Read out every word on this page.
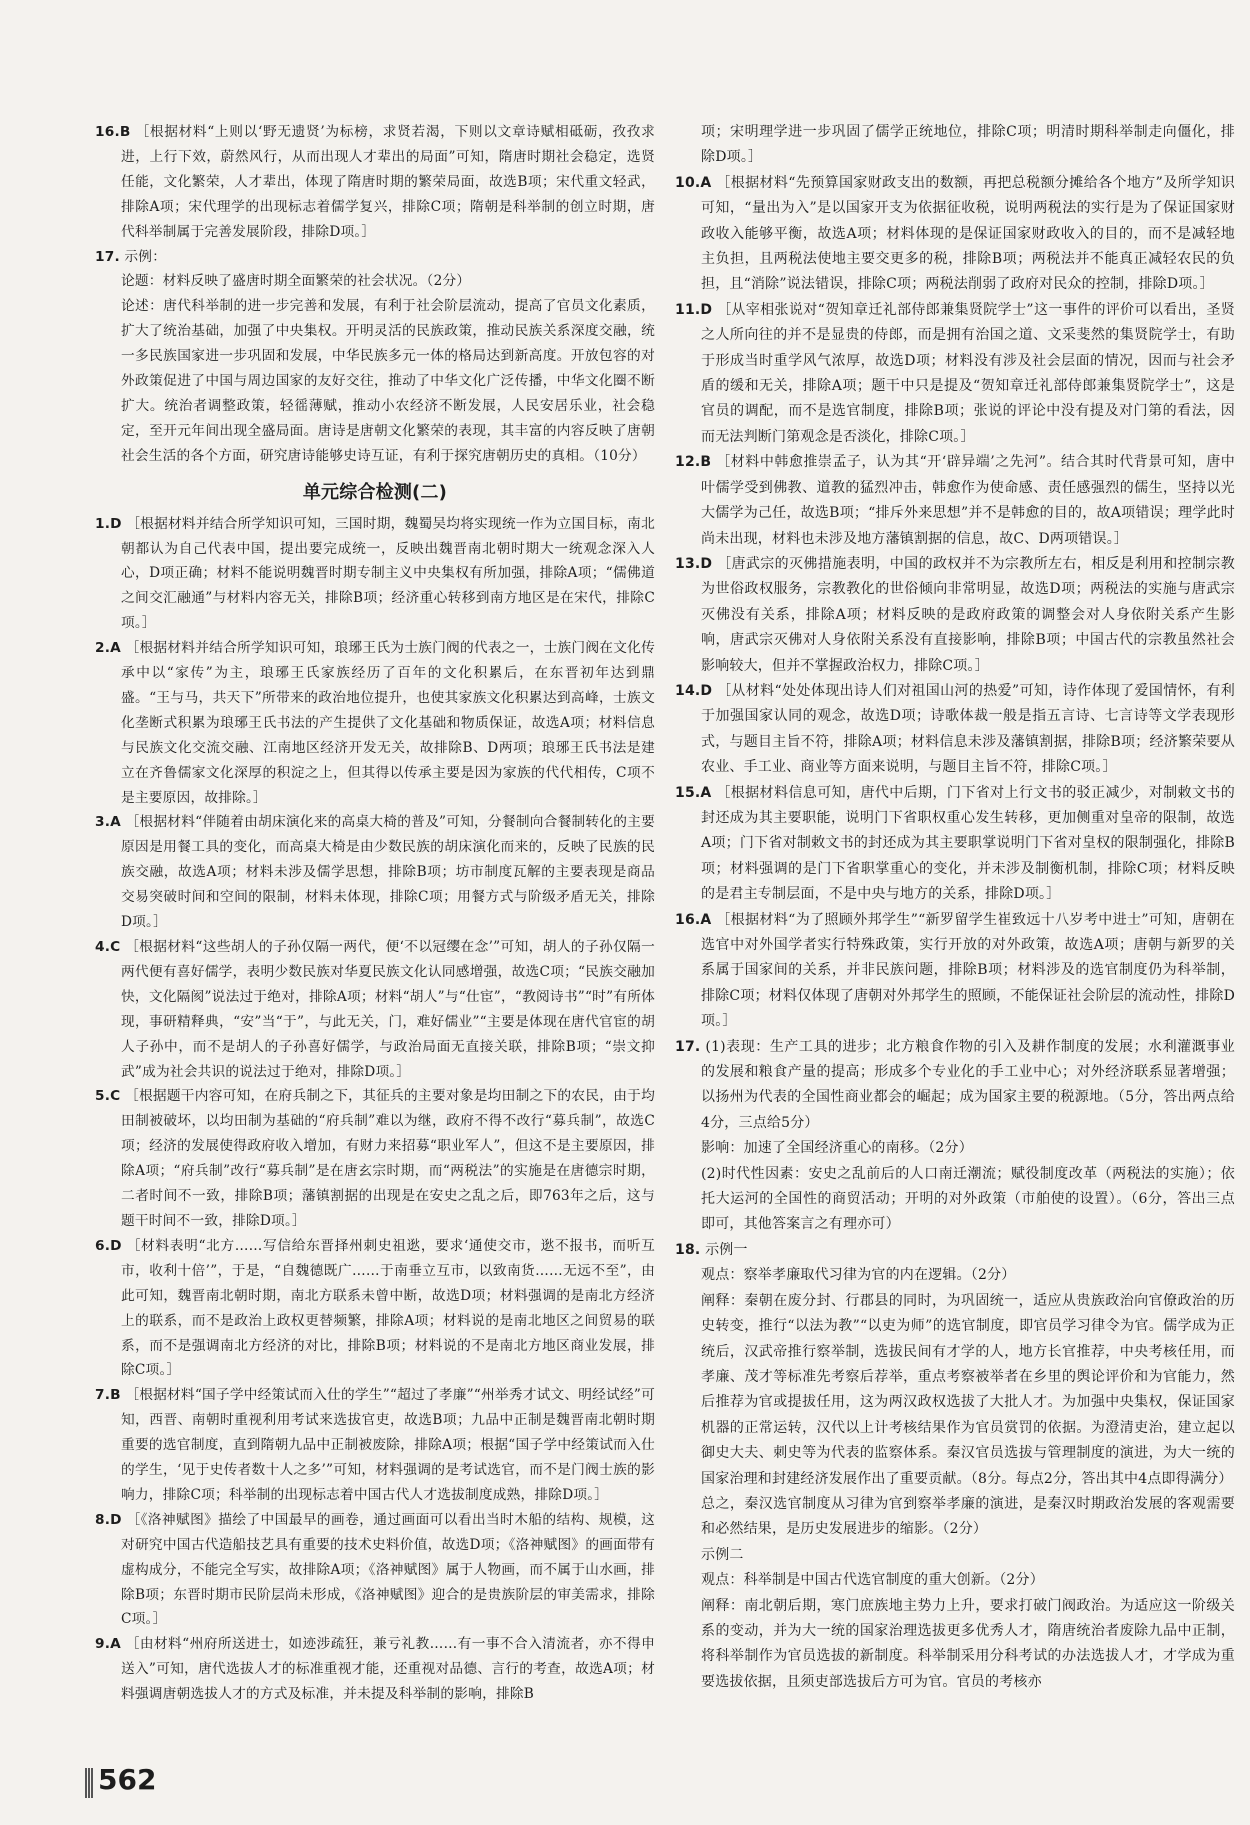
16.B ［根据材料“上则以‘野无遗贤’为标榜，求贤若渴，下则以文章诗赋相砥砺，孜孜求进，上行下效，蔚然风行，从而出现人才辈出的局面”可知，隋唐时期社会稳定，选贤任能，文化繁荣，人才辈出，体现了隋唐时期的繁荣局面，故选B项；宋代重文轻武，排除A项；宋代理学的出现标志着儒学复兴，排除C项；隋朝是科举制的创立时期，唐代科举制属于完善发展阶段，排除D项。］

17. 示例：

论题：材料反映了盛唐时期全面繁荣的社会状况。（2分）

论述：唐代科举制的进一步完善和发展，有利于社会阶层流动，提高了官员文化素质，扩大了统治基础，加强了中央集权。开明灵活的民族政策，推动民族关系深度交融，统一多民族国家进一步巩固和发展，中华民族多元一体的格局达到新高度。开放包容的对外政策促进了中国与周边国家的友好交往，推动了中华文化广泛传播，中华文化圈不断扩大。统治者调整政策，轻徭薄赋，推动小农经济不断发展，人民安居乐业，社会稳定，至开元年间出现全盛局面。唐诗是唐朝文化繁荣的表现，其丰富的内容反映了唐朝社会生活的各个方面，研究唐诗能够史诗互证，有利于探究唐朝历史的真相。（10分）

单元综合检测(二)

1.D ［根据材料并结合所学知识可知，三国时期，魏蜀吴均将实现统一作为立国目标，南北朝都认为自己代表中国，提出要完成统一，反映出魏晋南北朝时期大一统观念深入人心，D项正确；材料不能说明魏晋时期专制主义中央集权有所加强，排除A项；“儒佛道之间交汇融通”与材料内容无关，排除B项；经济重心转移到南方地区是在宋代，排除C项。］

2.A ［根据材料并结合所学知识可知，琅琊王氏为士族门阀的代表之一，士族门阀在文化传承中以“家传”为主，琅琊王氏家族经历了百年的文化积累后，在东晋初年达到鼎盛。“王与马，共天下”所带来的政治地位提升，也使其家族文化积累达到高峰，士族文化垄断式积累为琅琊王氏书法的产生提供了文化基础和物质保证，故选A项；材料信息与民族文化交流交融、江南地区经济开发无关，故排除B、D两项；琅琊王氏书法是建立在齐鲁儒家文化深厚的积淀之上，但其得以传承主要是因为家族的代代相传，C项不是主要原因，故排除。］

3.A ［根据材料“伴随着由胡床演化来的高桌大椅的普及”可知，分餐制向合餐制转化的主要原因是用餐工具的变化，而高桌大椅是由少数民族的胡床演化而来的，反映了民族的民族交融，故选A项；材料未涉及儒学思想，排除B项；坊市制度瓦解的主要表现是商品交易突破时间和空间的限制，材料未体现，排除C项；用餐方式与阶级矛盾无关，排除D项。］

4.C ［根据材料“这些胡人的子孙仅隔一两代，便‘不以冠缨在念’”可知，胡人的子孙仅隔一两代便有喜好儒学，表明少数民族对华夏民族文化认同感增强，故选C项；“民族交融加快，文化隔阂”说法过于绝对，排除A项；材料“胡人”与“仕宦”，“教阅诗书”“时”有所体现，事研精释典，“安”当“于”，与此无关，门，难好儒业”“主要是体现在唐代官宦的胡人子孙中，而不是胡人的子孙喜好儒学，与政治局面无直接关联，排除B项；“崇文抑武”成为社会共识的说法过于绝对，排除D项。］

5.C ［根据题干内容可知，在府兵制之下，其征兵的主要对象是均田制之下的农民，由于均田制被破坏，以均田制为基础的“府兵制”难以为继，政府不得不改行“募兵制”，故选C项；经济的发展使得政府收入增加，有财力来招募“职业军人”，但这不是主要原因，排除A项；“府兵制”改行“募兵制”是在唐玄宗时期，而“两税法”的实施是在唐德宗时期，二者时间不一致，排除B项；藩镇割据的出现是在安史之乱之后，即763年之后，这与题干时间不一致，排除D项。］

6.D ［材料表明“北方……写信给东晋择州刺史祖逖，要求‘通使交市，逖不报书，而听互市，收利十倍’”，于是，“自魏德既广……于南垂立互市，以致南货……无远不至”，由此可知，魏晋南北朝时期，南北方联系未曾中断，故选D项；材料强调的是南北方经济上的联系，而不是政治上政权更替频繁，排除A项；材料说的是南北地区之间贸易的联系，而不是强调南北方经济的对比，排除B项；材料说的不是南北方地区商业发展，排除C项。］

7.B ［根据材料“国子学中经策试而入仕的学生”“超过了孝廉”“州举秀才试文、明经试经”可知，西晋、南朝时重视利用考试来选拔官吏，故选B项；九品中正制是魏晋南北朝时期重要的选官制度，直到隋朝九品中正制被废除，排除A项；根据“国子学中经策试而入仕的学生，‘见于史传者数十人之多’”可知，材料强调的是考试选官，而不是门阀士族的影响力，排除C项；科举制的出现标志着中国古代人才选拔制度成熟，排除D项。］

8.D ［《洛神赋图》描绘了中国最早的画卷，通过画面可以看出当时木船的结构、规模，这对研究中国古代造船技艺具有重要的技术史料价值，故选D项；《洛神赋图》的画面带有虚构成分，不能完全写实，故排除A项；《洛神赋图》属于人物画，而不属于山水画，排除B项；东晋时期市民阶层尚未形成，《洛神赋图》迎合的是贵族阶层的审美需求，排除C项。］

9.A ［由材料“州府所送进士，如迹涉疏狂，兼亏礼教……有一事不合入清流者，亦不得申送入”可知，唐代选拔人才的标准重视才能，还重视对品德、言行的考查，故选A项；材料强调唐朝选拔人才的方式及标准，并未提及科举制的影响，排除B

项；宋明理学进一步巩固了儒学正统地位，排除C项；明清时期科举制走向僵化，排除D项。］

10.A ［根据材料“先预算国家财政支出的数额，再把总税额分摊给各个地方”及所学知识可知，“量出为入”是以国家开支为依据征收税，说明两税法的实行是为了保证国家财政收入能够平衡，故选A项；材料体现的是保证国家财政收入的目的，而不是减轻地主负担，且两税法使地主要交更多的税，排除B项；两税法并不能真正减轻农民的负担，且“消除”说法错误，排除C项；两税法削弱了政府对民众的控制，排除D项。］

11.D ［从宰相张说对“贺知章迁礼部侍郎兼集贤院学士”这一事件的评价可以看出，圣贤之人所向往的并不是显贵的侍郎，而是拥有治国之道、文采斐然的集贤院学士，有助于形成当时重学风气浓厚，故选D项；材料没有涉及社会层面的情况，因而与社会矛盾的缓和无关，排除A项；题干中只是提及“贺知章迁礼部侍郎兼集贤院学士”，这是官员的调配，而不是选官制度，排除B项；张说的评论中没有提及对门第的看法，因而无法判断门第观念是否淡化，排除C项。］

12.B ［材料中韩愈推崇孟子，认为其“开‘辟异端’之先河”。结合其时代背景可知，唐中叶儒学受到佛教、道教的猛烈冲击，韩愈作为使命感、责任感强烈的儒生，坚持以光大儒学为己任，故选B项；“排斥外来思想”并不是韩愈的目的，故A项错误；理学此时尚未出现，材料也未涉及地方藩镇割据的信息，故C、D两项错误。］

13.D ［唐武宗的灭佛措施表明，中国的政权并不为宗教所左右，相反是利用和控制宗教为世俗政权服务，宗教教化的世俗倾向非常明显，故选D项；两税法的实施与唐武宗灭佛没有关系，排除A项；材料反映的是政府政策的调整会对人身依附关系产生影响，唐武宗灭佛对人身依附关系没有直接影响，排除B项；中国古代的宗教虽然社会影响较大，但并不掌握政治权力，排除C项。］

14.D ［从材料“处处体现出诗人们对祖国山河的热爱”可知，诗作体现了爱国情怀，有利于加强国家认同的观念，故选D项；诗歌体裁一般是指五言诗、七言诗等文学表现形式，与题目主旨不符，排除A项；材料信息未涉及藩镇割据，排除B项；经济繁荣要从农业、手工业、商业等方面来说明，与题目主旨不符，排除C项。］

15.A ［根据材料信息可知，唐代中后期，门下省对上行文书的驳正减少，对制敕文书的封还成为其主要职能，说明门下省职权重心发生转移，更加侧重对皇帝的限制，故选A项；门下省对制敕文书的封还成为其主要职掌说明门下省对皇权的限制强化，排除B项；材料强调的是门下省职掌重心的变化，并未涉及制衡机制，排除C项；材料反映的是君主专制层面，不是中央与地方的关系，排除D项。］

16.A ［根据材料“为了照顾外邦学生”“新罗留学生崔致远十八岁考中进士”可知，唐朝在选官中对外国学者实行特殊政策，实行开放的对外政策，故选A项；唐朝与新罗的关系属于国家间的关系，并非民族问题，排除B项；材料涉及的选官制度仍为科举制，排除C项；材料仅体现了唐朝对外邦学生的照顾，不能保证社会阶层的流动性，排除D项。］

17. (1)表现：生产工具的进步；北方粮食作物的引入及耕作制度的发展；水利灌溉事业的发展和粮食产量的提高；形成多个专业化的手工业中心；对外经济联系显著增强；以扬州为代表的全国性商业都会的崛起；成为国家主要的税源地。（5分，答出两点给4分，三点给5分）

影响：加速了全国经济重心的南移。（2分）

(2)时代性因素：安史之乱前后的人口南迁潮流；赋役制度改革（两税法的实施）；依托大运河的全国性的商贸活动；开明的对外政策（市舶使的设置）。（6分，答出三点即可，其他答案言之有理亦可）

18. 示例一

观点：察举孝廉取代习律为官的内在逻辑。（2分）

阐释：秦朝在废分封、行郡县的同时，为巩固统一，适应从贵族政治向官僚政治的历史转变，推行“以法为教”“以吏为师”的选官制度，即官员学习律令为官。儒学成为正统后，汉武帝推行察举制，选拔民间有才学的人，地方长官推荐，中央考核任用，而孝廉、茂才等标准先考察后荐举，重点考察被举者在乡里的舆论评价和为官能力，然后推荐为官或提拔任用，这为两汉政权选拔了大批人才。为加强中央集权，保证国家机器的正常运转，汉代以上计考核结果作为官员赏罚的依据。为澄清吏治，建立起以御史大夫、刺史等为代表的监察体系。秦汉官员选拔与管理制度的演进，为大一统的国家治理和封建经济发展作出了重要贡献。（8分。每点2分，答出其中4点即得满分）

总之，秦汉选官制度从习律为官到察举孝廉的演进，是秦汉时期政治发展的客观需要和必然结果，是历史发展进步的缩影。（2分）

示例二

观点：科举制是中国古代选官制度的重大创新。（2分）

阐释：南北朝后期，寒门庶族地主势力上升，要求打破门阀政治。为适应这一阶级关系的变动，并为大一统的国家治理选拔更多优秀人才，隋唐统治者废除九品中正制，将科举制作为官员选拔的新制度。科举制采用分科考试的办法选拔人才，才学成为重要选拔依据，且须吏部选拔后方可为官。官员的考核亦

562
